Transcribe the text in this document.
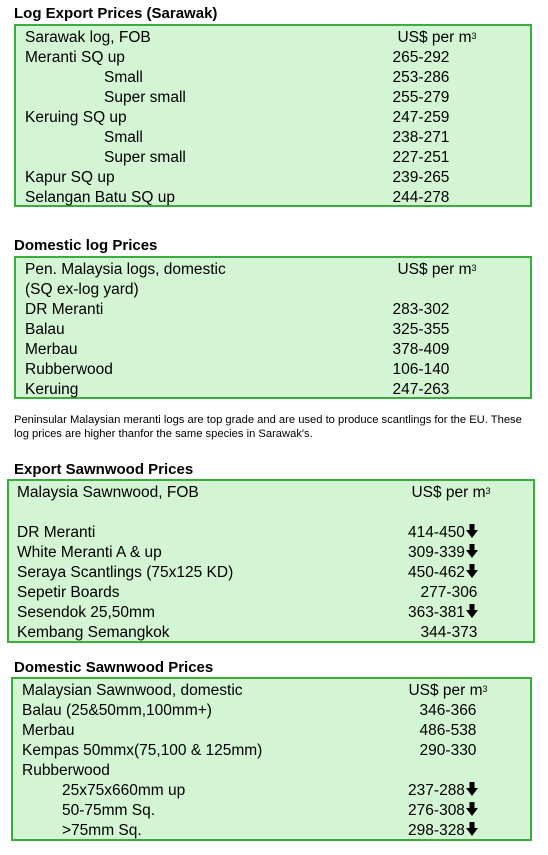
Log Export Prices (Sarawak)
Sarawak log, FOB	US$ per $m^3$
Meranti SQ up	265-292
Small	253-286
Super small	255-279
Keruing SQ up	247-259
Small	238-271
Super small	227-251
Kapur SQ up	239-265
Selangan Batu SQ up	244-278
Domestic log Prices
Pen. Malaysia logs, domestic	US$ per $m^3$
(SQ ex-log yard)
DR Meranti	283-302
Balau	325-355
Merbau	378-409
Rubberwood	106-140
Keruing	247-263
Peninsular Malaysian meranti logs are top grade and are used to produce scantlings for the EU. These log prices are higher thanfor the same species in Sarawak's.
Export Sawnwood Prices
Malaysia Sawnwood, FOB	US$ per $m^3$
DR Meranti	414-450
White Meranti A & up	309-339
Seraya Scantlings (75x125 KD)	450-462
Sepetir Boards	277-306
Sesendok 25,50mm	363-381
Kembang Semangkok	344-373
Domestic Sawnwood Prices
Malaysian Sawnwood, domestic	US$ per $m^3$
Balau (25&50mm,100mm+)	346-366
Merbau	486-538
Kempas 50mmx(75,100 & 125mm)	290-330
Rubberwood
25x75x660mm up	237-288
50-75mm Sq.	276-308
>75mm Sq.	298-328
